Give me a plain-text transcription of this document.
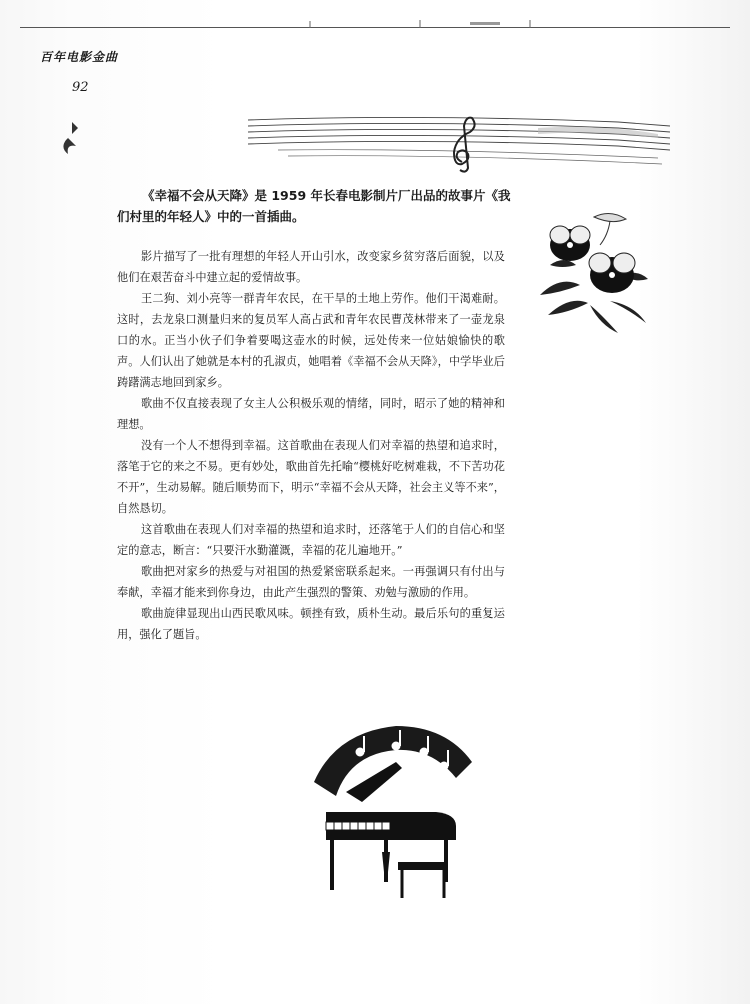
百年电影金曲
92

《幸福不会从天降》是 1959 年长春电影制片厂出品的故事片《我们村里的年轻人》中的一首插曲。

影片描写了一批有理想的年轻人开山引水，改变家乡贫穷落后面貌，以及他们在艰苦奋斗中建立起的爱情故事。

王二狗、刘小亮等一群青年农民，在干旱的土地上劳作。他们干渴难耐。这时，去龙泉口测量归来的复员军人高占武和青年农民曹茂林带来了一壶龙泉口的水。正当小伙子们争着要喝这壶水的时候，远处传来一位姑娘愉快的歌声。人们认出了她就是本村的孔淑贞，她唱着《幸福不会从天降》，中学毕业后踌躇满志地回到家乡。

歌曲不仅直接表现了女主人公积极乐观的情绪，同时，昭示了她的精神和理想。

没有一个人不想得到幸福。这首歌曲在表现人们对幸福的热望和追求时，落笔于它的来之不易。更有妙处，歌曲首先托喻“樱桃好吃树难栽，不下苦功花不开”，生动易解。随后顺势而下，明示“幸福不会从天降，社会主义等不来”，自然恳切。

这首歌曲在表现人们对幸福的热望和追求时，还落笔于人们的自信心和坚定的意志，断言：“只要汗水勤灌溉，幸福的花儿遍地开。”

歌曲把对家乡的热爱与对祖国的热爱紧密联系起来。一再强调只有付出与奉献，幸福才能来到你身边，由此产生强烈的警策、劝勉与激励的作用。

歌曲旋律显现出山西民歌风味。顿挫有致，质朴生动。最后乐句的重复运用，强化了题旨。
